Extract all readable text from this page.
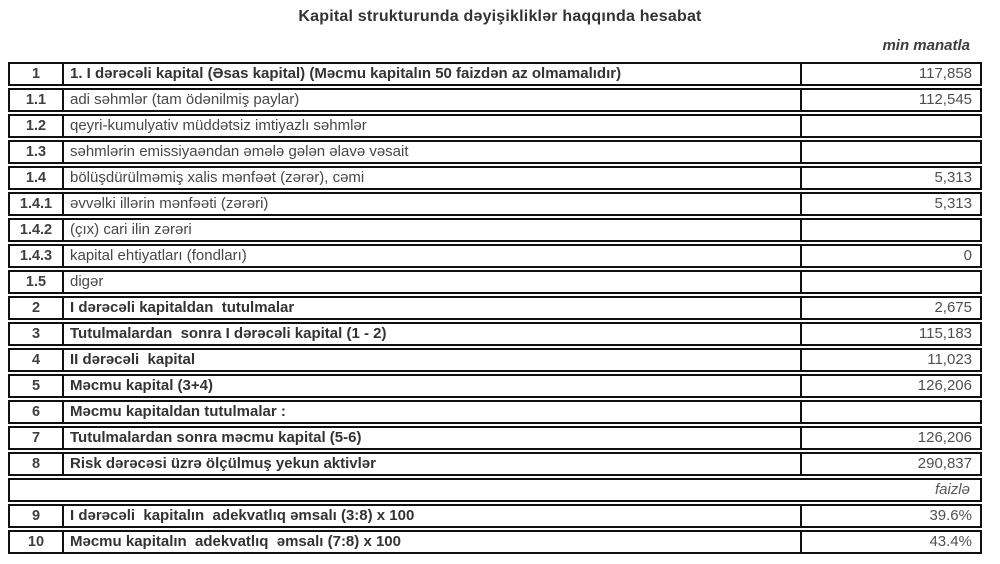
Kapital strukturunda dəyişikliklər haqqında hesabat
min manatla
1	1. I dərəcəli kapital (Əsas kapital) (Məcmu kapitalın 50 faizdən az olmamalıdır)	117,858
1.1	adi səhmlər (tam ödənilmiş paylar)	112,545
1.2	qeyri-kumulyativ müddətsiz imtiyazlı səhmlər
1.3	səhmlərin emissiyaəndan əmələ gələn əlavə vəsait
1.4	bölüşdürülməmiş xalis mənfəət (zərər), cəmi	5,313
1.4.1	əvvəlki illərin mənfəəti (zərəri)	5,313
1.4.2	(çıx) cari ilin zərəri
1.4.3	kapital ehtiyatları (fondları)	0
1.5	digər
2	I dərəcəli kapitaldan  tutulmalar	2,675
3	Tutulmalardan  sonra I dərəcəli kapital (1 - 2)	115,183
4	II dərəcəli  kapital	11,023
5	Məcmu kapital (3+4)	126,206
6	Məcmu kapitaldan tutulmalar :
7	Tutulmalardan sonra məcmu kapital (5-6)	126,206
8	Risk dərəcəsi üzrə ölçülmuş yekun aktivlər	290,837
faizlə
9	I dərəcəli  kapitalın  adekvatlıq əmsalı (3:8) x 100	39.6%
10	Məcmu kapitalın  adekvatlıq  əmsalı (7:8) x 100	43.4%
